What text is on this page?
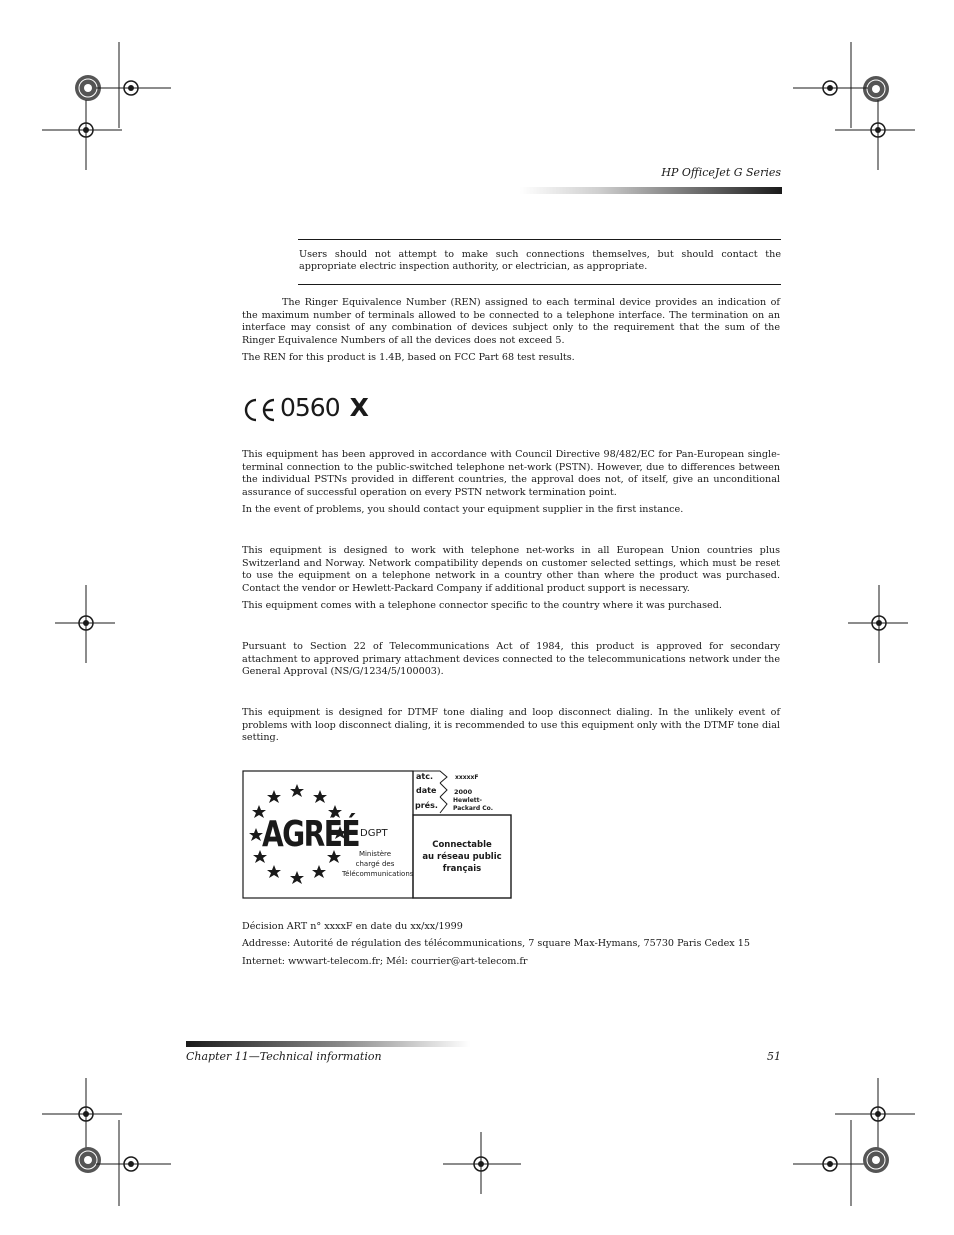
HP OfficeJet G Series
Users should not attempt to make such connections themselves, but should contact the appropriate electric inspection authority, or electrician, as appropriate.
The Ringer Equivalence Number (REN) assigned to each terminal device provides an indication of the maximum number of terminals allowed to be connected to a telephone interface. The termination on an interface may consist of any combination of devices subject only to the requirement that the sum of the Ringer Equivalence Numbers of all the devices does not exceed 5.
The REN for this product is 1.4B, based on FCC Part 68 test results.
0560 X
This equipment has been approved in accordance with Council Directive 98/482/EC for Pan-European single-terminal connection to the public-switched telephone net-work (PSTN). However, due to differences between the individual PSTNs provided in different countries, the approval does not, of itself, give an unconditional assurance of successful operation on every PSTN network termination point.
In the event of problems, you should contact your equipment supplier in the first instance.
This equipment is designed to work with telephone net-works in all European Union countries plus Switzerland and Norway. Network compatibility depends on customer selected settings, which must be reset to use the equipment on a telephone network in a country other than where the product was purchased. Contact the vendor or Hewlett-Packard Company if additional product support is necessary.
This equipment comes with a telephone connector specific to the country where it was purchased.
Pursuant to Section 22 of Telecommunications Act of 1984, this product is approved for secondary attachment to approved primary attachment devices connected to the telecommunications network under the General Approval (NS/G/1234/5/100003).
This equipment is designed for DTMF tone dialing and loop disconnect dialing. In the unlikely event of problems with loop disconnect dialing, it is recommended to use this equipment only with the DTMF tone dial setting.
AGRÉÉ DGPT
Ministère
chargé des
Télécommunications
atc.	xxxxxF
date	2000
prés.
Hewlett-
Packard Co.
Connectable
au réseau public
français
Décision ART n° xxxxF en date du xx/xx/1999
Addresse: Autorité de régulation des télécommunications, 7 square Max-Hymans, 75730 Paris Cedex 15
Internet: wwwart-telecom.fr; Mél: courrier@art-telecom.fr
Chapter 11—Technical information	51
